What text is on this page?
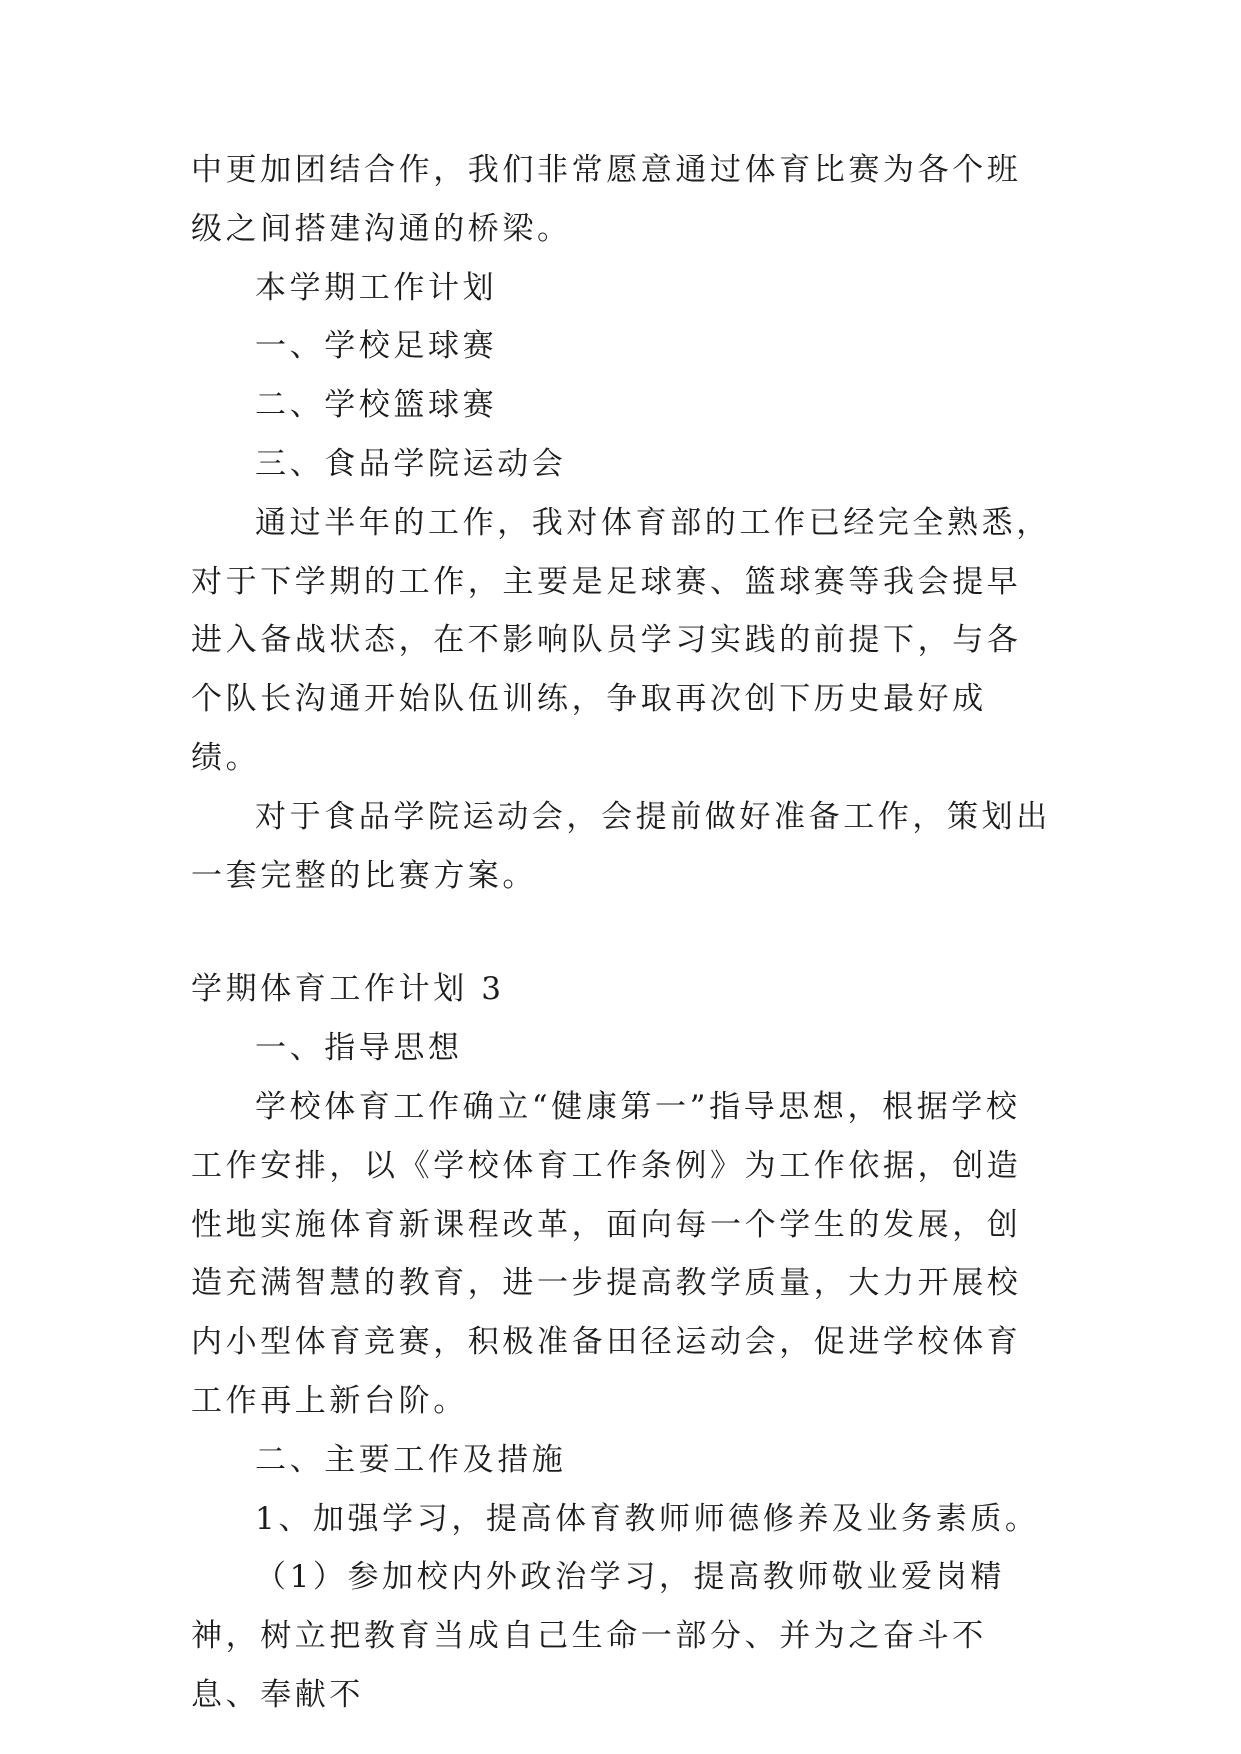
中更加团结合作，我们非常愿意通过体育比赛为各个班级之间搭建沟通的桥梁。

本学期工作计划

一、学校足球赛

二、学校篮球赛

三、食品学院运动会

通过半年的工作，我对体育部的工作已经完全熟悉，对于下学期的工作，主要是足球赛、篮球赛等我会提早进入备战状态，在不影响队员学习实践的前提下，与各个队长沟通开始队伍训练，争取再次创下历史最好成绩。

对于食品学院运动会，会提前做好准备工作，策划出一套完整的比赛方案。

学期体育工作计划 3

一、指导思想

学校体育工作确立“健康第一”指导思想，根据学校工作安排，以《学校体育工作条例》为工作依据，创造性地实施体育新课程改革，面向每一个学生的发展，创造充满智慧的教育，进一步提高教学质量，大力开展校内小型体育竞赛，积极准备田径运动会，促进学校体育工作再上新台阶。

二、主要工作及措施

1、加强学习，提高体育教师师德修养及业务素质。

（1）参加校内外政治学习，提高教师敬业爱岗精神，树立把教育当成自己生命一部分、并为之奋斗不息、奉献不
